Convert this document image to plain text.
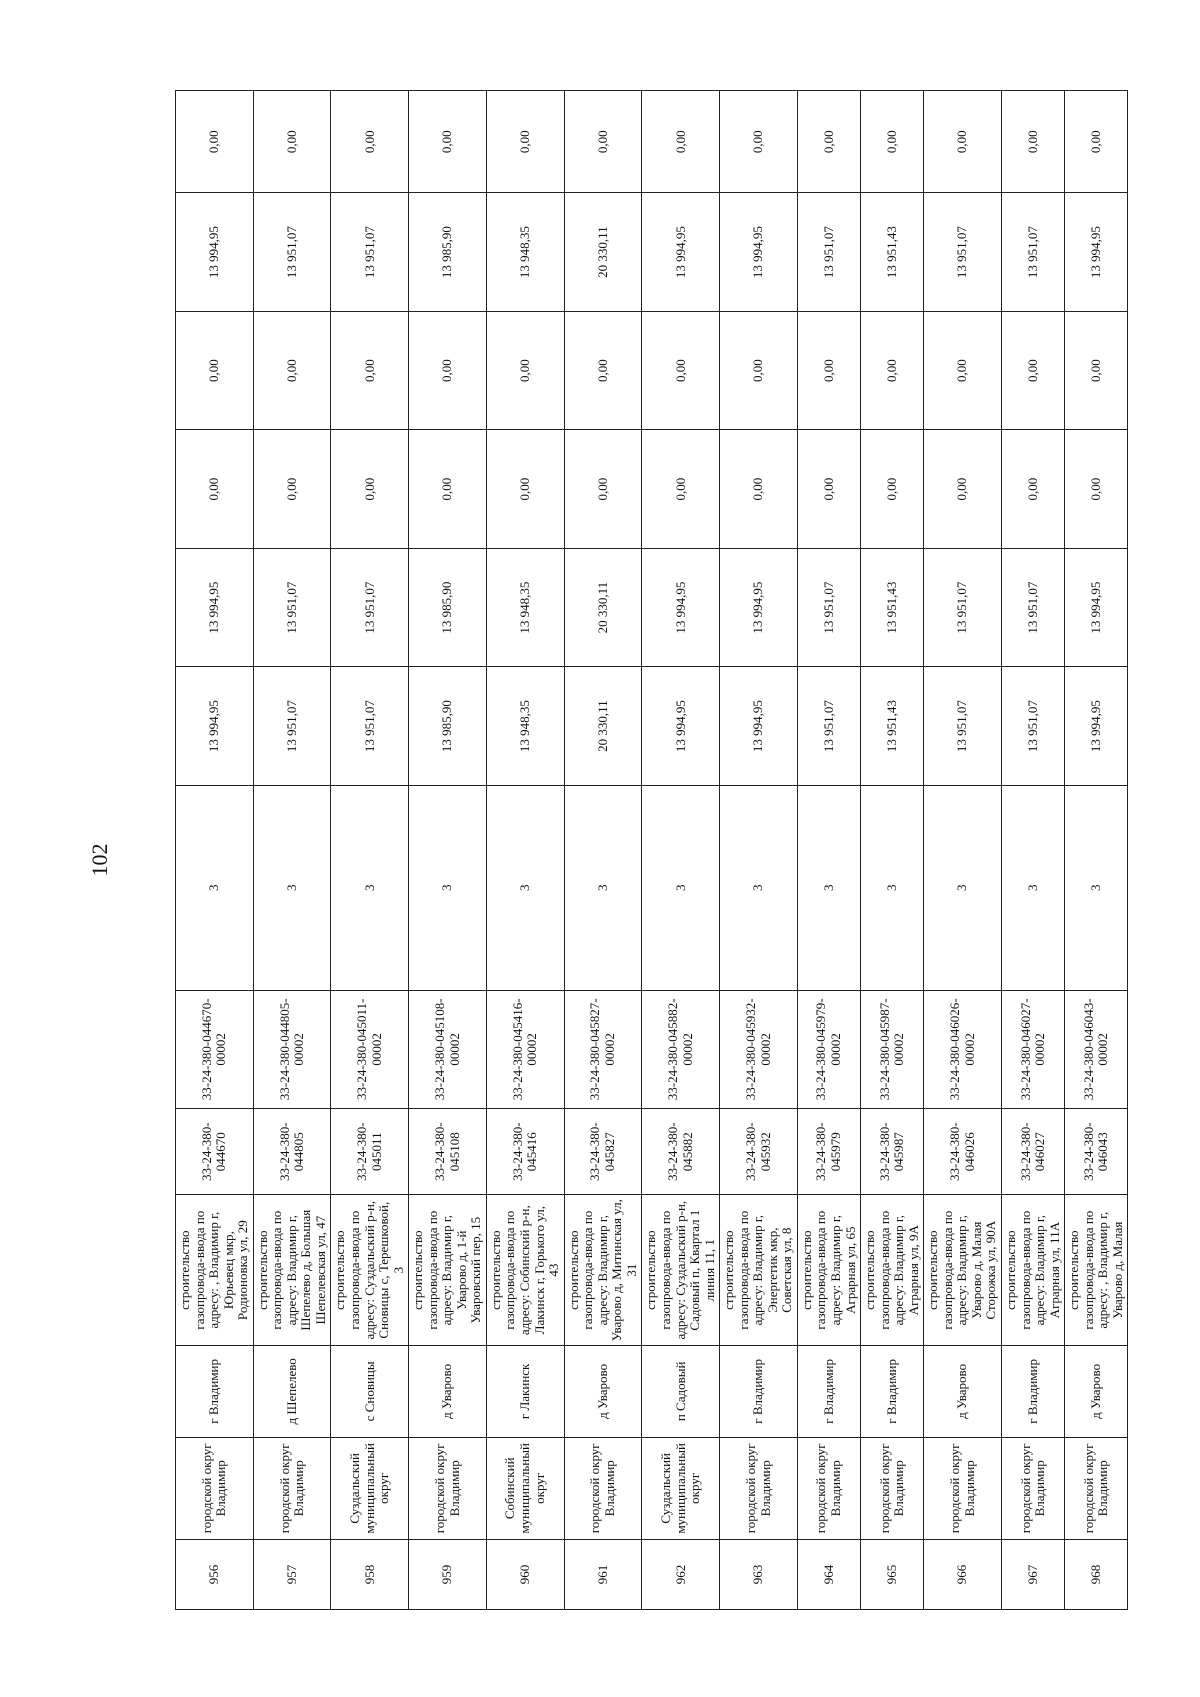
102
956	городской округ Владимир	г Владимир	строительство газопровода-ввода по адресу: , Владимир г, Юрьевец мкр, Родионовка ул, 29	33-24-380-044670	33-24-380-044670-00002	3	13 994,95	13 994,95	0,00	0,00	13 994,95	0,00
957	городской округ Владимир	д Шепелево	строительство газопровода-ввода по адресу: Владимир г, Шепелево д, Большая Шепелевская ул, 47	33-24-380-044805	33-24-380-044805-00002	3	13 951,07	13 951,07	0,00	0,00	13 951,07	0,00
958	Суздальский муниципальный округ	с Сновицы	строительство газопровода-ввода по адресу: Суздальский р-н, Сновицы с, Терешковой, 3	33-24-380-045011	33-24-380-045011-00002	3	13 951,07	13 951,07	0,00	0,00	13 951,07	0,00
959	городской округ Владимир	д Уварово	строительство газопровода-ввода по адресу: Владимир г, Уварово д, 1-й Уваровский пер, 15	33-24-380-045108	33-24-380-045108-00002	3	13 985,90	13 985,90	0,00	0,00	13 985,90	0,00
960	Собинский муниципальный округ	г Лакинск	строительство газопровода-ввода по адресу: Собинский р-н, Лакинск г, Горького ул, 43	33-24-380-045416	33-24-380-045416-00002	3	13 948,35	13 948,35	0,00	0,00	13 948,35	0,00
961	городской округ Владимир	д Уварово	строительство газопровода-ввода по адресу: Владимир г, Уварово д, Митинская ул, 31	33-24-380-045827	33-24-380-045827-00002	3	20 330,11	20 330,11	0,00	0,00	20 330,11	0,00
962	Суздальский муниципальный округ	п Садовый	строительство газопровода-ввода по адресу: Суздальский р-н, Садовый п, Квартал 1 линия 11, 1	33-24-380-045882	33-24-380-045882-00002	3	13 994,95	13 994,95	0,00	0,00	13 994,95	0,00
963	городской округ Владимир	г Владимир	строительство газопровода-ввода по адресу: Владимир г, Энергетик мкр, Советская ул, 8	33-24-380-045932	33-24-380-045932-00002	3	13 994,95	13 994,95	0,00	0,00	13 994,95	0,00
964	городской округ Владимир	г Владимир	строительство газопровода-ввода по адресу: Владимир г, Аграрная ул, 65	33-24-380-045979	33-24-380-045979-00002	3	13 951,07	13 951,07	0,00	0,00	13 951,07	0,00
965	городской округ Владимир	г Владимир	строительство газопровода-ввода по адресу: Владимир г, Аграрная ул, 9А	33-24-380-045987	33-24-380-045987-00002	3	13 951,43	13 951,43	0,00	0,00	13 951,43	0,00
966	городской округ Владимир	д Уварово	строительство газопровода-ввода по адресу: Владимир г, Уварово д, Малая Сторожка ул, 90А	33-24-380-046026	33-24-380-046026-00002	3	13 951,07	13 951,07	0,00	0,00	13 951,07	0,00
967	городской округ Владимир	г Владимир	строительство газопровода-ввода по адресу: Владимир г, Аграрная ул, 11А	33-24-380-046027	33-24-380-046027-00002	3	13 951,07	13 951,07	0,00	0,00	13 951,07	0,00
968	городской округ Владимир	д Уварово	строительство газопровода-ввода по адресу: , Владимир г, Уварово д, Малая	33-24-380-046043	33-24-380-046043-00002	3	13 994,95	13 994,95	0,00	0,00	13 994,95	0,00
